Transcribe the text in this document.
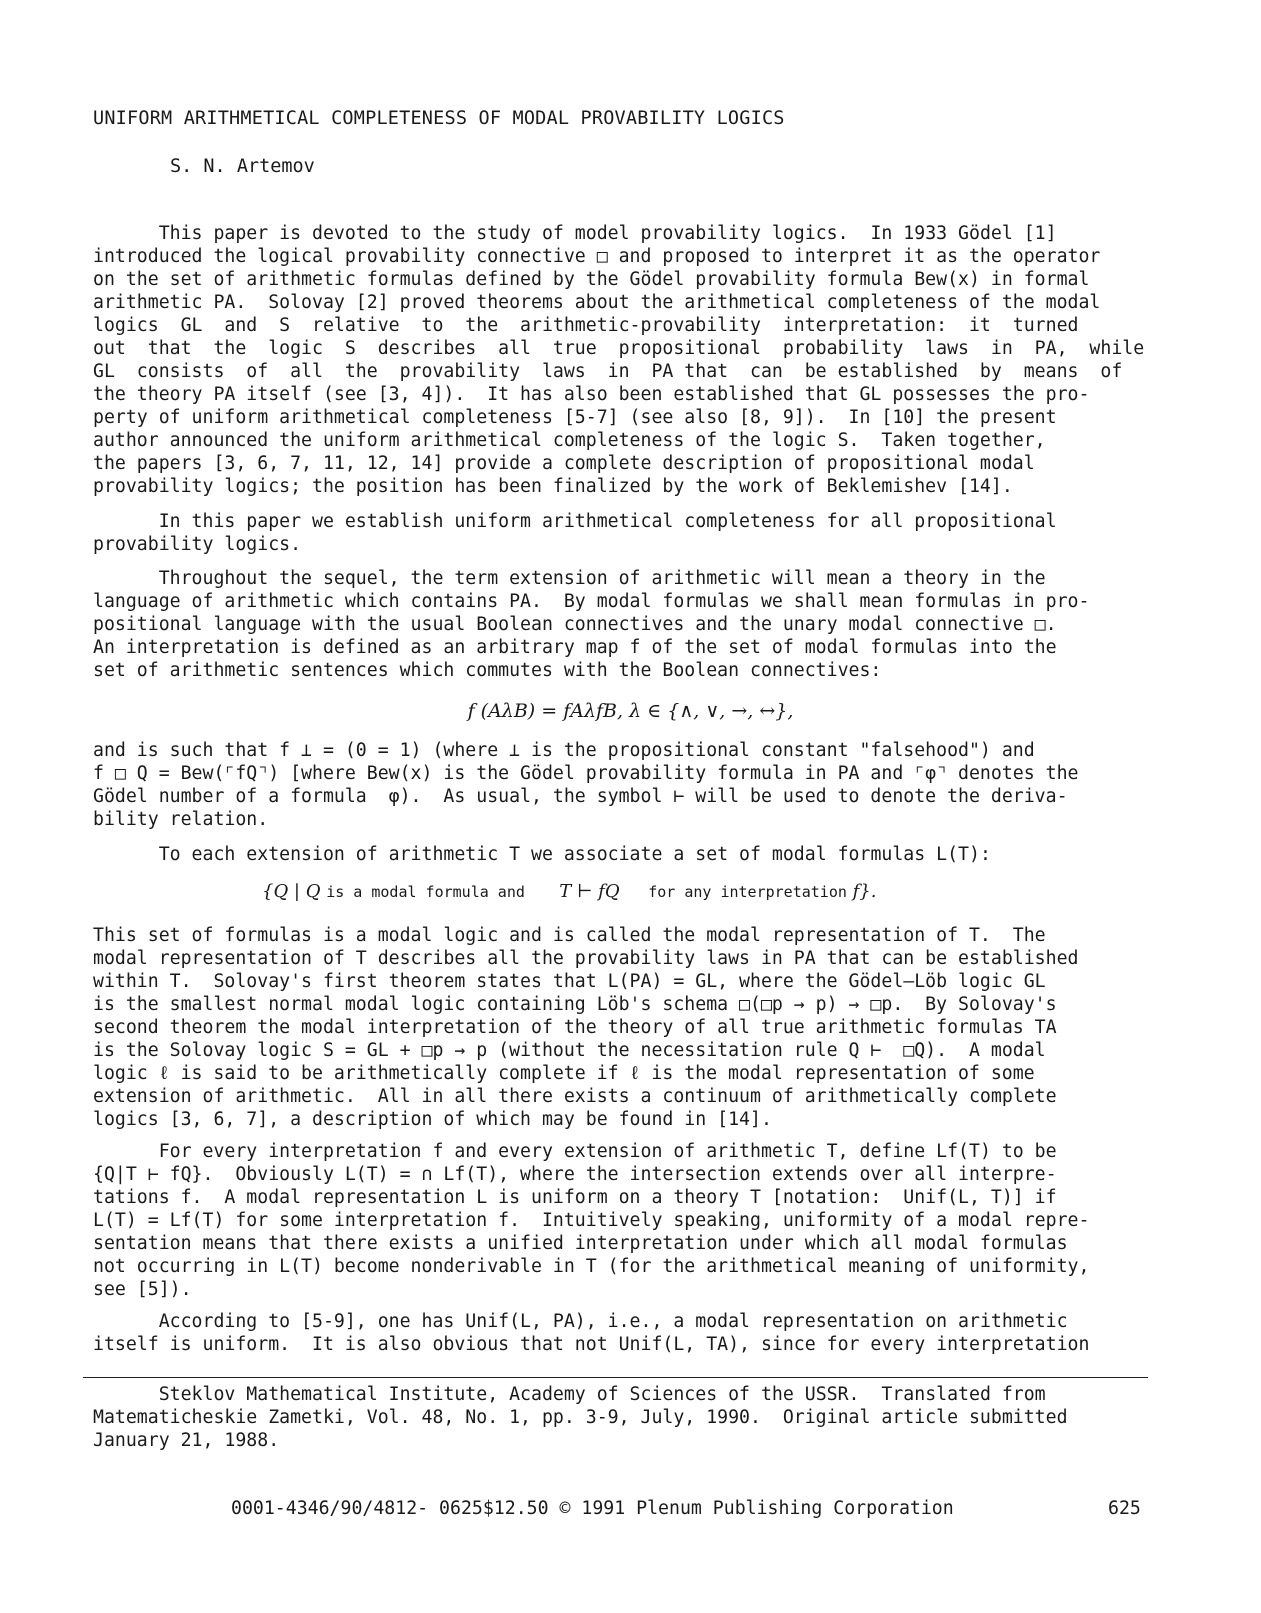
UNIFORM ARITHMETICAL COMPLETENESS OF MODAL PROVABILITY LOGICS
S. N. Artemov

This paper is devoted to the study of model provability logics.  In 1933 Gödel [1]
introduced the logical provability connective □ and proposed to interpret it as the operator
on the set of arithmetic formulas defined by the Gödel provability formula Bew(x) in formal
arithmetic PA.  Solovay [2] proved theorems about the arithmetical completeness of the modal
logics  GL  and  S  relative  to  the  arithmetic-provability  interpretation:  it  turned
out  that  the  logic  S  describes  all  true  propositional  probability  laws  in  PA,  while
GL  consists  of  all  the  provability  laws  in  PA that  can  be established  by  means  of
the theory PA itself (see [3, 4]).  It has also been established that GL possesses the pro-
perty of uniform arithmetical completeness [5-7] (see also [8, 9]).  In [10] the present
author announced the uniform arithmetical completeness of the logic S.  Taken together,
the papers [3, 6, 7, 11, 12, 14] provide a complete description of propositional modal
provability logics; the position has been finalized by the work of Beklemishev [14].

In this paper we establish uniform arithmetical completeness for all propositional
provability logics.

Throughout the sequel, the term extension of arithmetic will mean a theory in the
language of arithmetic which contains PA.  By modal formulas we shall mean formulas in pro-
positional language with the usual Boolean connectives and the unary modal connective □.
An interpretation is defined as an arbitrary map f of the set of modal formulas into the
set of arithmetic sentences which commutes with the Boolean connectives:

f (AλB) = fAλfB, λ ∈ {∧, ∨, →, ↔},

and is such that f ⊥ = (0 = 1) (where ⊥ is the propositional constant "falsehood") and
f □ Q = Bew(⌜fQ⌝) [where Bew(x) is the Gödel provability formula in PA and ⌜φ⌝ denotes the
Gödel number of a formula  φ).  As usual, the symbol ⊢ will be used to denote the deriva-
bility relation.

To each extension of arithmetic T we associate a set of modal formulas L(T):

{Q | Q is a modal formula and T ⊢ fQ for any interpretation f}.

This set of formulas is a modal logic and is called the modal representation of T.  The
modal representation of T describes all the provability laws in PA that can be established
within T.  Solovay's first theorem states that L(PA) = GL, where the Gödel—Löb logic GL
is the smallest normal modal logic containing Löb's schema □(□p → p) → □p.  By Solovay's
second theorem the modal interpretation of the theory of all true arithmetic formulas TA
is the Solovay logic S = GL + □p → p (without the necessitation rule Q ⊢  □Q).  A modal
logic ℓ is said to be arithmetically complete if ℓ is the modal representation of some
extension of arithmetic.  All in all there exists a continuum of arithmetically complete
logics [3, 6, 7], a description of which may be found in [14].

For every interpretation f and every extension of arithmetic T, define Lf(T) to be
{Q|T ⊢ fQ}.  Obviously L(T) = ∩ Lf(T), where the intersection extends over all interpre-
tations f.  A modal representation L is uniform on a theory T [notation:  Unif(L, T)] if
L(T) = Lf(T) for some interpretation f.  Intuitively speaking, uniformity of a modal repre-
sentation means that there exists a unified interpretation under which all modal formulas
not occurring in L(T) become nonderivable in T (for the arithmetical meaning of uniformity,
see [5]).

According to [5-9], one has Unif(L, PA), i.e., a modal representation on arithmetic
itself is uniform.  It is also obvious that not Unif(L, TA), since for every interpretation

Steklov Mathematical Institute, Academy of Sciences of the USSR.  Translated from
Matematicheskie Zametki, Vol. 48, No. 1, pp. 3-9, July, 1990.  Original article submitted
January 21, 1988.

0001-4346/90/4812- 0625$12.50 © 1991 Plenum Publishing Corporation	625
